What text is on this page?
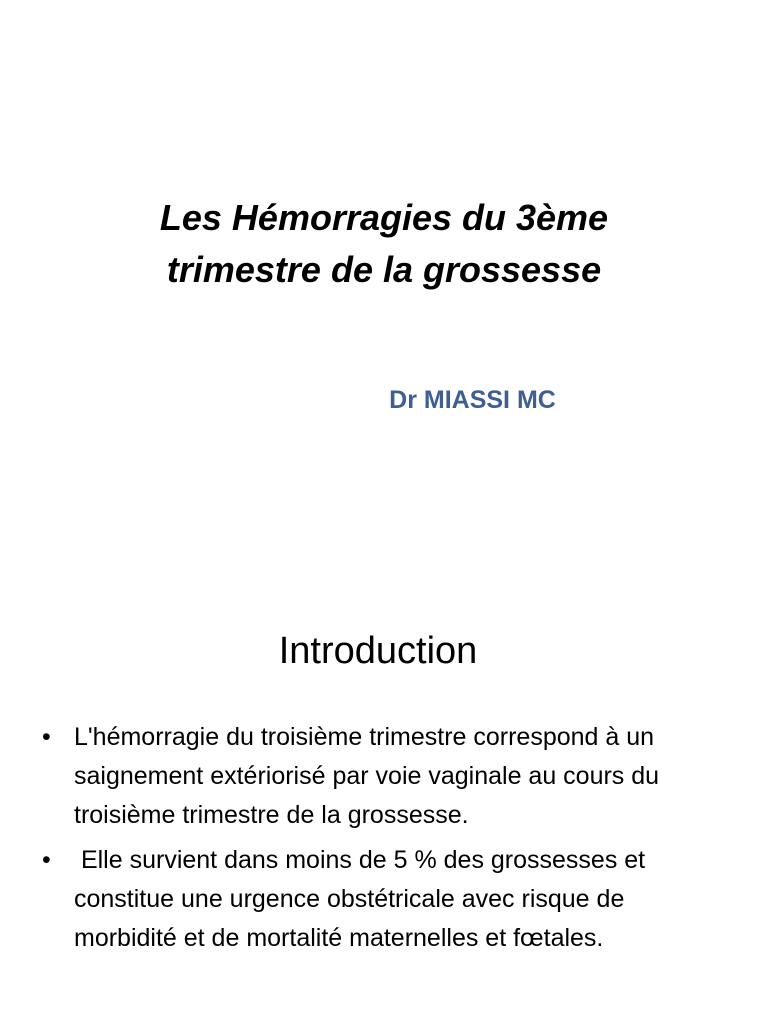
Les Hémorragies du 3ème
trimestre de la grossesse

Dr MIASSI MC

Introduction
• L'hémorragie du troisième trimestre correspond à un saignement extériorisé par voie vaginale au cours du troisième trimestre de la grossesse.
• Elle survient dans moins de 5 % des grossesses et constitue une urgence obstétricale avec risque de morbidité et de mortalité maternelles et fœtales.
